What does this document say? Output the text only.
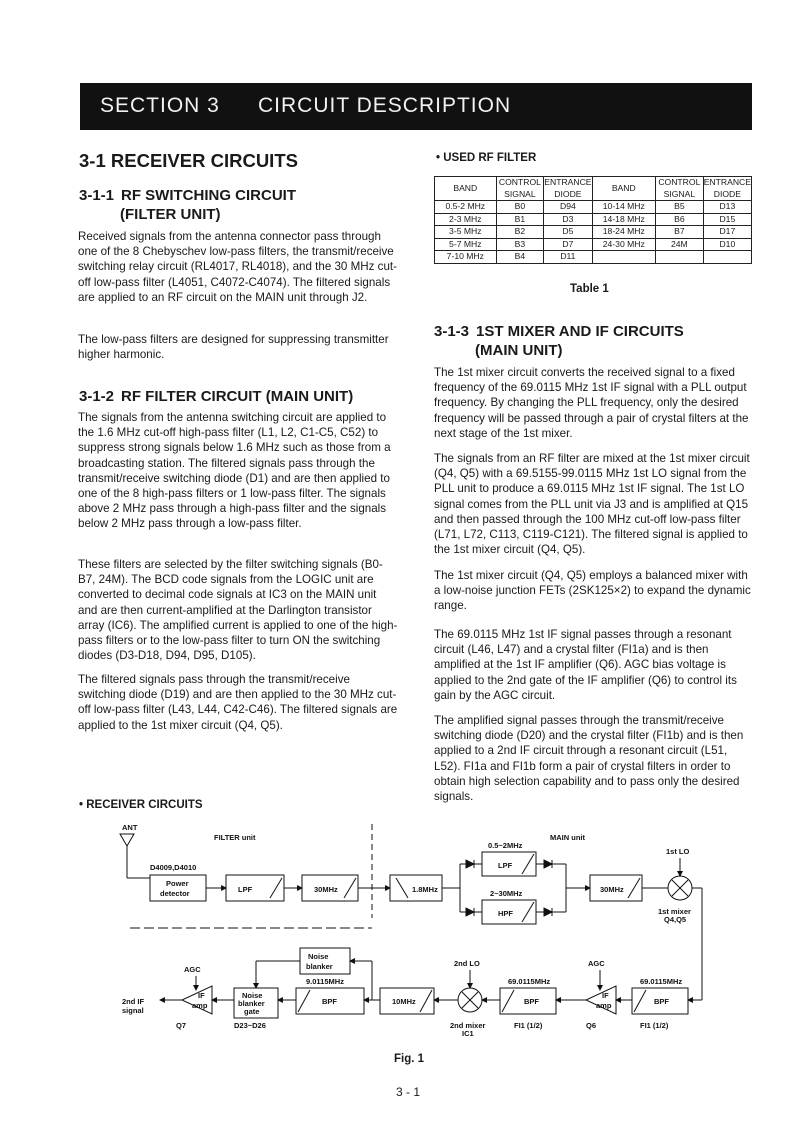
SECTION 3 CIRCUIT DESCRIPTION
3-1 RECEIVER CIRCUITS
3-1-1 RF SWITCHING CIRCUIT
(FILTER UNIT)

Received signals from the antenna connector pass through one of the 8 Chebyschev low-pass filters, the transmit/receive switching relay circuit (RL4017, RL4018), and the 30 MHz cut-off low-pass filter (L4051, C4072-C4074). The filtered signals are applied to an RF circuit on the MAIN unit through J2.

The low-pass filters are designed for suppressing transmitter higher harmonic.

3-1-2 RF FILTER CIRCUIT (MAIN UNIT)

The signals from the antenna switching circuit are applied to the 1.6 MHz cut-off high-pass filter (L1, L2, C1-C5, C52) to suppress strong signals below 1.6 MHz such as those from a broadcasting station. The filtered signals pass through the transmit/receive switching diode (D1) and are then applied to one of the 8 high-pass filters or 1 low-pass filter. The signals above 2 MHz pass through a high-pass filter and the signals below 2 MHz pass through a low-pass filter.

These filters are selected by the filter switching signals (B0-B7, 24M). The BCD code signals from the LOGIC unit are converted to decimal code signals at IC3 on the MAIN unit and are then current-amplified at the Darlington transistor array (IC6). The amplified current is applied to one of the high-pass filters or to the low-pass filter to turn ON the switching diodes (D3-D18, D94, D95, D105).

The filtered signals pass through the transmit/receive switching diode (D19) and are then applied to the 30 MHz cut-off low-pass filter (L43, L44, C42-C46). The filtered signals are applied to the 1st mixer circuit (Q4, Q5).

• RECEIVER CIRCUITS

• USED RF FILTER

BAND	CONTROL SIGNAL	ENTRANCE DIODE	BAND	CONTROL SIGNAL	ENTRANCE DIODE
0.5-2 MHz	B0	D94	10-14 MHz	B5	D13
2-3 MHz	B1	D3	14-18 MHz	B6	D15
3-5 MHz	B2	D5	18-24 MHz	B7	D17
5-7 MHz	B3	D7	24-30 MHz	24M	D10
7-10 MHz	B4	D11			

Table 1

3-1-3 1ST MIXER AND IF CIRCUITS
(MAIN UNIT)

The 1st mixer circuit converts the received signal to a fixed frequency of the 69.0115 MHz 1st IF signal with a PLL output frequency. By changing the PLL frequency, only the desired frequency will be passed through a pair of crystal filters at the next stage of the 1st mixer.

The signals from an RF filter are mixed at the 1st mixer circuit (Q4, Q5) with a 69.5155-99.0115 MHz 1st LO signal from the PLL unit to produce a 69.0115 MHz 1st IF signal. The 1st LO signal comes from the PLL unit via J3 and is amplified at Q15 and then passed through the 100 MHz cut-off low-pass filter (L71, L72, C113, C119-C121). The filtered signal is applied to the 1st mixer circuit (Q4, Q5).

The 1st mixer circuit (Q4, Q5) employs a balanced mixer with a low-noise junction FETs (2SK125×2) to expand the dynamic range.

The 69.0115 MHz 1st IF signal passes through a resonant circuit (L46, L47) and a crystal filter (FI1a) and is then amplified at the 1st IF amplifier (Q6). AGC bias voltage is applied to the 2nd gate of the IF amplifier (Q6) to control its gain by the AGC circuit.

The amplified signal passes through the transmit/receive switching diode (D20) and the crystal filter (FI1b) and is then applied to a 2nd IF circuit through a resonant circuit (L51, L52). FI1a and FI1b form a pair of crystal filters in order to obtain high selection capability and to pass only the desired signals.

ANT
FILTER unit	MAIN unit
D4009,D4010
Power
detector	LPF	30MHz	1.8MHz
0.5~2MHz
LPF
2~30MHz
HPF
30MHz
1st LO
1st mixer
Q4,Q5
Noise
blanker
AGC
2nd IF
signal
IF
amp
Q7
Noise
blanker
gate
D23~D26
9.0115MHz
BPF	10MHz
2nd LO
2nd mixer
IC1
69.0115MHz
BPF
FI1 (1/2)
AGC
IF
amp
Q6
69.0115MHz
BPF
FI1 (1/2)

Fig. 1

3 - 1
